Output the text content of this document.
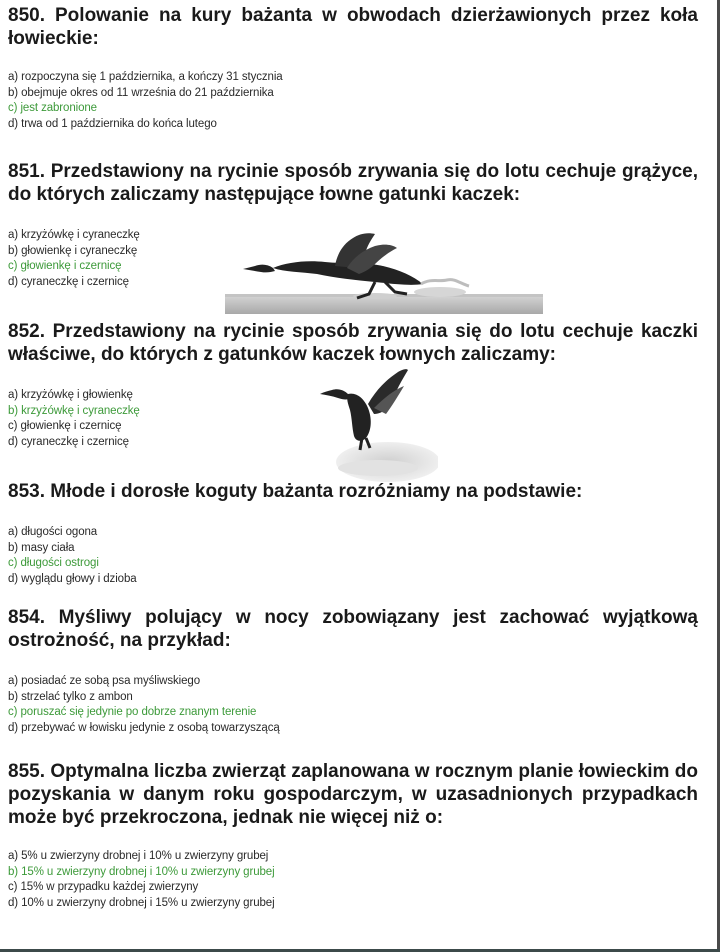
850. Polowanie na kury bażanta w obwodach dzierżawionych przez koła łowieckie:
a) rozpoczyna się 1 października, a kończy 31 stycznia
b) obejmuje okres od 11 września do 21 października
c) jest zabronione
d) trwa od 1 października do końca lutego
851. Przedstawiony na rycinie sposób zrywania się do lotu cechuje grążyce, do których zaliczamy następujące łowne gatunki kaczek:
a) krzyżówkę i cyraneczkę
b) głowienkę i cyraneczkę
c) głowienkę i czernicę
d) cyraneczkę i czernicę
852. Przedstawiony na rycinie sposób zrywania się do lotu cechuje kaczki właściwe, do których z gatunków kaczek łownych zaliczamy:
a) krzyżówkę i głowienkę
b) krzyżówkę i cyraneczkę
c) głowienkę i czernicę
d) cyraneczkę i czernicę
853. Młode i dorosłe koguty bażanta rozróżniamy na podstawie:
a) długości ogona
b) masy ciała
c) długości ostrogi
d) wyglądu głowy i dzioba
854. Myśliwy polujący w nocy zobowiązany jest zachować wyjątkową ostrożność, na przykład:
a) posiadać ze sobą psa myśliwskiego
b) strzelać tylko z ambon
c) poruszać się jedynie po dobrze znanym terenie
d) przebywać w łowisku jedynie z osobą towarzyszącą
855. Optymalna liczba zwierząt zaplanowana w rocznym planie łowieckim do pozyskania w danym roku gospodarczym, w uzasadnionych przypadkach może być przekroczona, jednak nie więcej niż o:
a) 5% u zwierzyny drobnej i 10% u zwierzyny grubej
b) 15% u zwierzyny drobnej i 10% u zwierzyny grubej
c) 15% w przypadku każdej zwierzyny
d) 10% u zwierzyny drobnej i 15% u zwierzyny grubej
